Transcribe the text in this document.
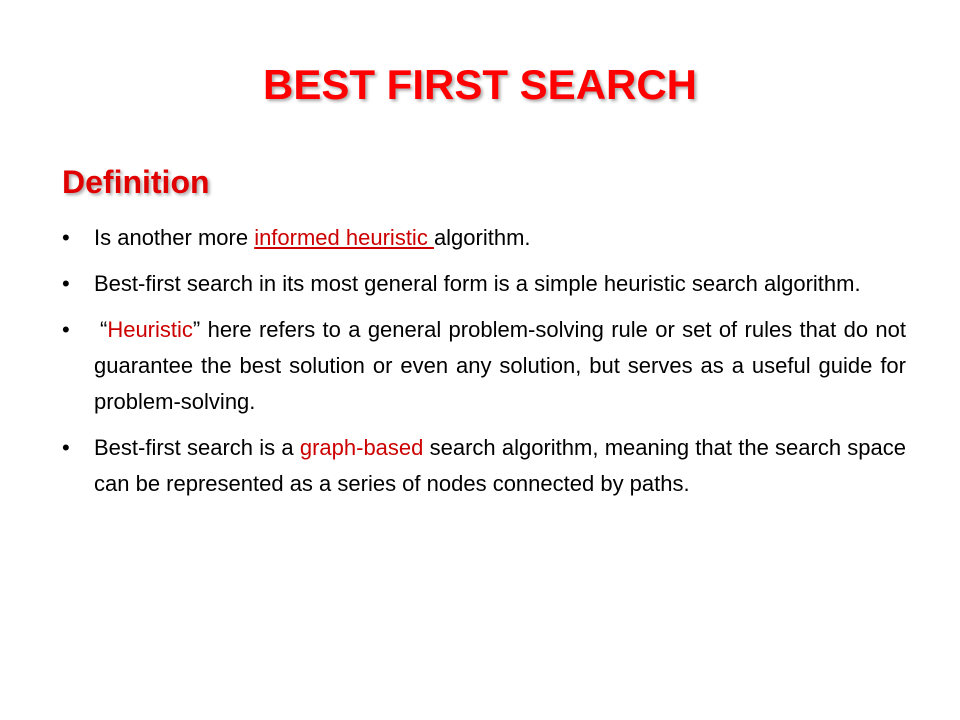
BEST FIRST SEARCH
Definition
• Is another more informed heuristic algorithm.
• Best-first search in its most general form is a simple heuristic search algorithm.
• “Heuristic” here refers to a general problem-solving rule or set of rules that do not guarantee the best solution or even any solution, but serves as a useful guide for problem-solving.
• Best-first search is a graph-based search algorithm, meaning that the search space can be represented as a series of nodes connected by paths.
